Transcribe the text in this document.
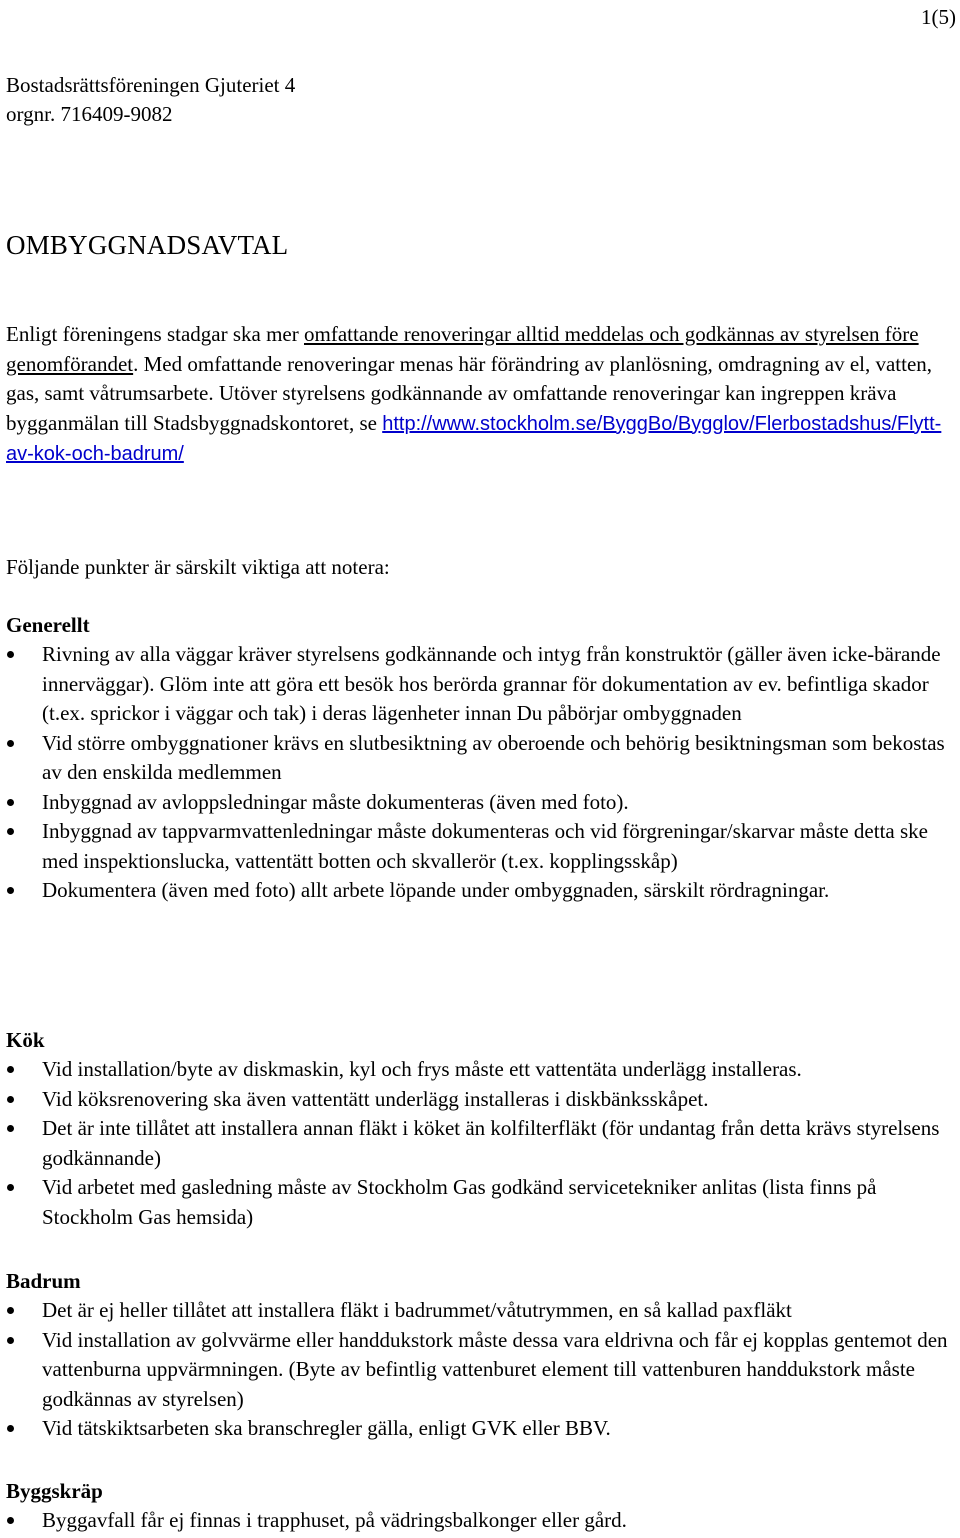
1(5)
Bostadsrättsföreningen Gjuteriet 4
orgnr. 716409-9082
OMBYGGNADSAVTAL
Enligt föreningens stadgar ska mer omfattande renoveringar alltid meddelas och godkännas av styrelsen före genomförandet. Med omfattande renoveringar menas här förändring av planlösning, omdragning av el, vatten, gas, samt våtrumsarbete. Utöver styrelsens godkännande av omfattande renoveringar kan ingreppen kräva bygganmälan till Stadsbyggnadskontoret, se http://www.stockholm.se/ByggBo/Bygglov/Flerbostadshus/Flytt-av-kok-och-badrum/
Följande punkter är särskilt viktiga att notera:
Generellt
Rivning av alla väggar kräver styrelsens godkännande och intyg från konstruktör (gäller även icke-bärande innerväggar). Glöm inte att göra ett besök hos berörda grannar för dokumentation av ev. befintliga skador (t.ex. sprickor i väggar och tak) i deras lägenheter innan Du påbörjar ombyggnaden
Vid större ombyggnationer krävs en slutbesiktning av oberoende och behörig besiktningsman som bekostas av den enskilda medlemmen
Inbyggnad av avloppsledningar måste dokumenteras (även med foto).
Inbyggnad av tappvarmvattenledningar måste dokumenteras och vid förgreningar/skarvar måste detta ske med inspektionslucka, vattentätt botten och skvallerör (t.ex. kopplingsskåp)
Dokumentera (även med foto) allt arbete löpande under ombyggnaden, särskilt rördragningar.
Kök
Vid installation/byte av diskmaskin, kyl och frys måste ett vattentäta underlägg installeras.
Vid köksrenovering ska även vattentätt underlägg installeras i diskbänksskåpet.
Det är inte tillåtet att installera annan fläkt i köket än kolfilterfläkt (för undantag från detta krävs styrelsens godkännande)
Vid arbetet med gasledning måste av Stockholm Gas godkänd servicetekniker anlitas (lista finns på Stockholm Gas hemsida)
Badrum
Det är ej heller tillåtet att installera fläkt i badrummet/våtutrymmen, en så kallad paxfläkt
Vid installation av golvvärme eller handdukstork måste dessa vara eldrivna och får ej kopplas gentemot den vattenburna uppvärmningen. (Byte av befintlig vattenburet element till vattenburen handdukstork måste godkännas av styrelsen)
Vid tätskiktsarbeten ska branschregler gälla, enligt GVK eller BBV.
Byggskräp
Byggavfall får ej finnas i trapphuset, på vädringsbalkonger eller gård.
